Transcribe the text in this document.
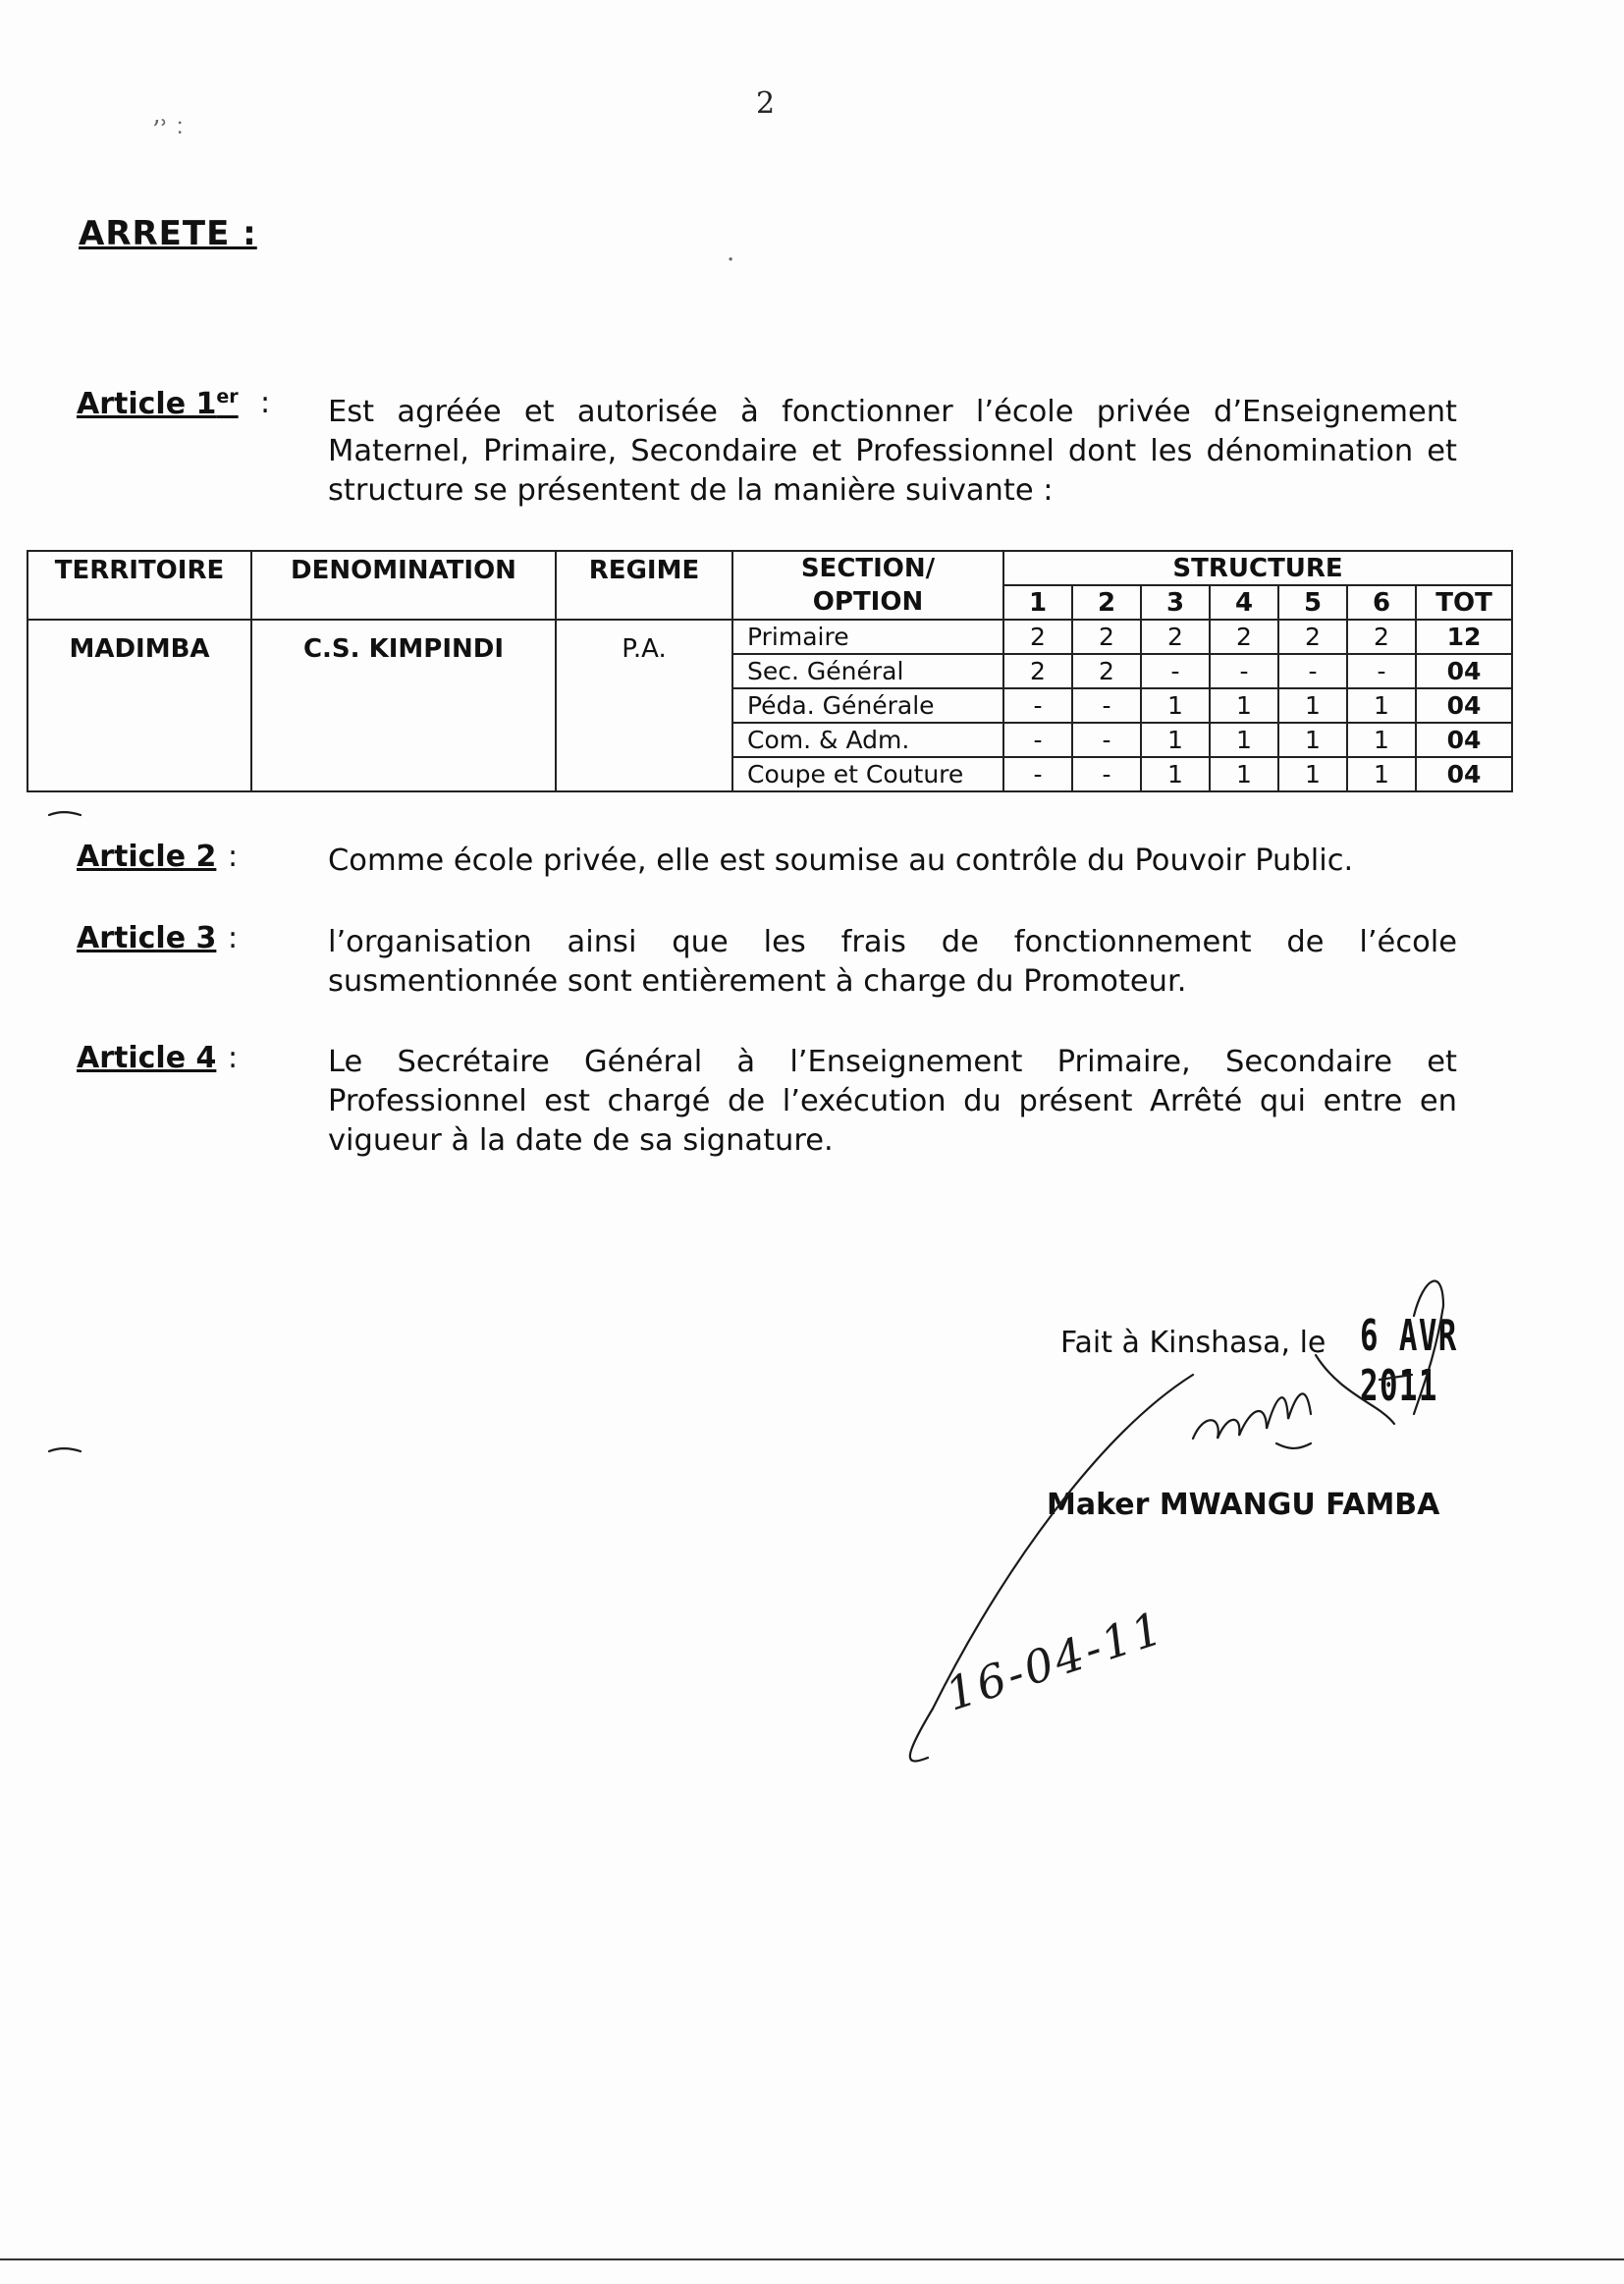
2
’ʾ ˸
·
ARRETE :
Article 1er : Est agréée et autorisée à fonctionner l’école privée d’Enseignement Maternel, Primaire, Secondaire et Professionnel dont les dénomination et structure se présentent de la manière suivante :
TERRITOIRE	DENOMINATION	REGIME	SECTION/	STRUCTURE						
			OPTION	1	2	3	4	5	6	TOT
MADIMBA	C.S. KIMPINDI	P.A.	Primaire	2	2	2	2	2	2	12
			Sec. Général	2	2	-	-	-	-	04
			Péda. Générale	-	-	1	1	1	1	04
			Com. & Adm.	-	-	1	1	1	1	04
			Coupe et Couture	-	-	1	1	1	1	04
Article 2 :	Comme école privée, elle est soumise au contrôle du Pouvoir Public.
Article 3 :	l’organisation ainsi que les frais de fonctionnement de l’école susmentionnée sont entièrement à charge du Promoteur.
Article 4 :	Le Secrétaire Général à l’Enseignement Primaire, Secondaire et Professionnel est chargé de l’exécution du présent Arrêté qui entre en vigueur à la date de sa signature.
Fait à Kinshasa, le 6 AVR 2011
Maker MWANGU FAMBA
16-04-11
